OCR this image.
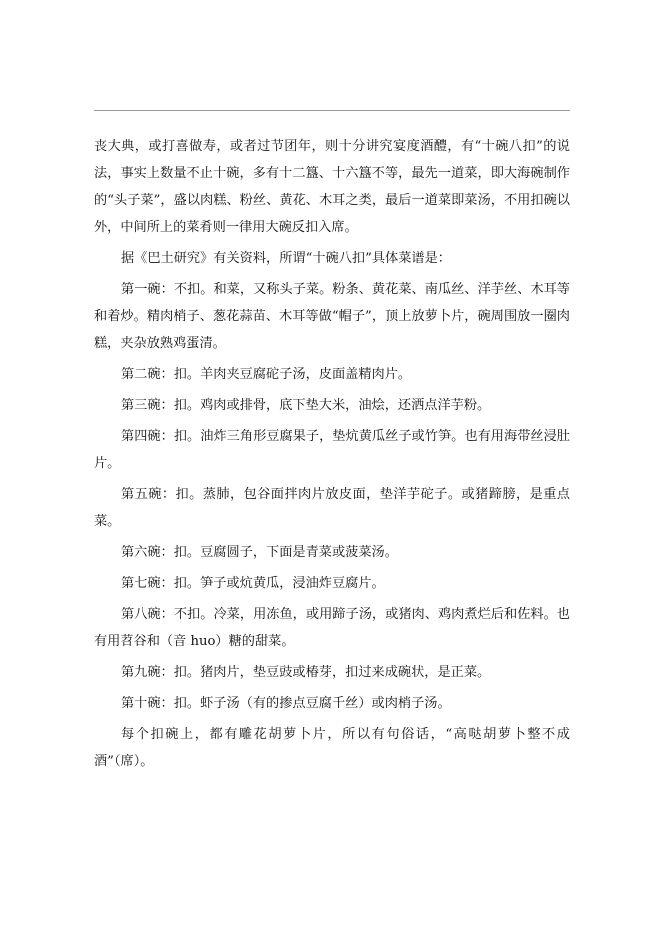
丧大典，或打喜做寿，或者过节团年，则十分讲究宴度酒醴，有“十碗八扣”的说法，事实上数量不止十碗，多有十二簋、十六簋不等，最先一道菜，即大海碗制作的“头子菜”，盛以肉糕、粉丝、黄花、木耳之类，最后一道菜即菜汤，不用扣碗以外，中间所上的菜肴则一律用大碗反扣入席。

据《巴土研究》有关资料，所谓“十碗八扣”具体菜谱是：

第一碗：不扣。和菜，又称头子菜。粉条、黄花菜、南瓜丝、洋芋丝、木耳等和着炒。精肉梢子、葱花蒜苗、木耳等做“帽子”，顶上放萝卜片，碗周围放一圈肉糕，夹杂放熟鸡蛋清。

第二碗：扣。羊肉夹豆腐砣子汤，皮面盖精肉片。

第三碗：扣。鸡肉或排骨，底下垫大米，油烩，还洒点洋芋粉。

第四碗：扣。油炸三角形豆腐果子，垫炕黄瓜丝子或竹笋。也有用海带丝浸肚片。

第五碗：扣。蒸肺，包谷面拌肉片放皮面，垫洋芋砣子。或猪蹄膀，是重点菜。

第六碗：扣。豆腐圆子，下面是青菜或菠菜汤。

第七碗：扣。笋子或炕黄瓜，浸油炸豆腐片。

第八碗：不扣。冷菜，用冻鱼，或用蹄子汤，或猪肉、鸡肉煮烂后和佐料。也有用苕谷和（音 huo）糖的甜菜。

第九碗：扣。猪肉片，垫豆豉或椿芽，扣过来成碗状，是正菜。

第十碗：扣。虾子汤（有的掺点豆腐千丝）或肉梢子汤。

每个扣碗上，都有雕花胡萝卜片，所以有句俗话，“高哒胡萝卜整不成酒”（席）。
